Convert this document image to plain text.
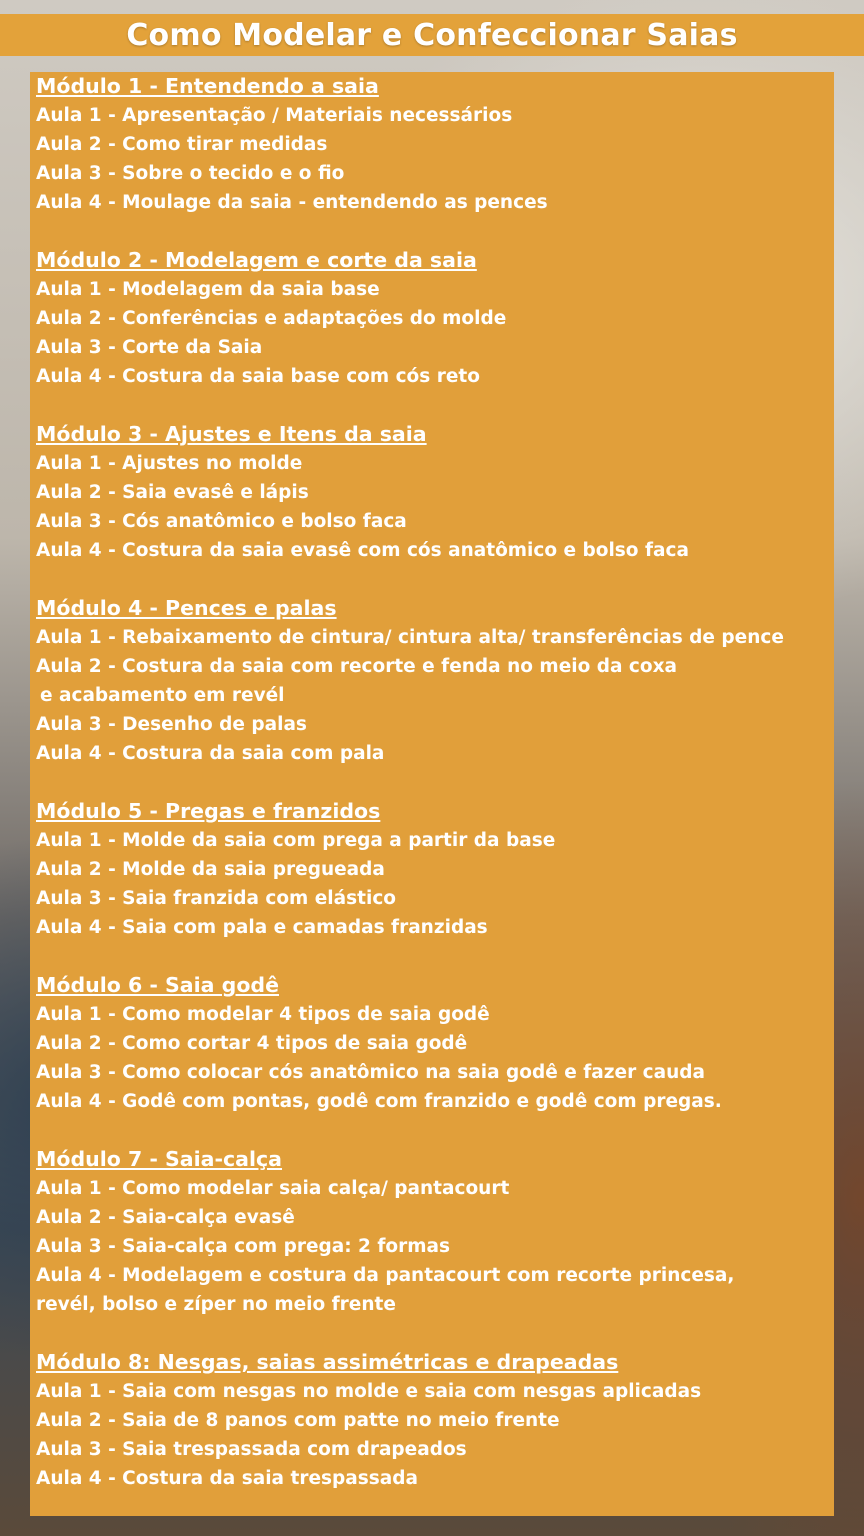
Como Modelar e Confeccionar Saias
Módulo 1 - Entendendo a saia
Aula 1 - Apresentação / Materiais necessários
Aula 2 - Como tirar medidas
Aula 3 - Sobre o tecido e o fio
Aula 4 - Moulage da saia - entendendo as pences
Módulo 2 - Modelagem e corte da saia
Aula 1 - Modelagem da saia base
Aula 2 - Conferências e adaptações do molde
Aula 3 - Corte da Saia
Aula 4 - Costura da saia base com cós reto
Módulo 3 - Ajustes e Itens da saia
Aula 1 - Ajustes no molde
Aula 2 - Saia evasê e lápis
Aula 3 - Cós anatômico e bolso faca
Aula 4 - Costura da saia evasê com cós anatômico e bolso faca
Módulo 4 - Pences e palas
Aula 1 - Rebaixamento de cintura/ cintura alta/ transferências de pence
Aula 2 - Costura da saia com recorte e fenda no meio da coxa
e acabamento em revél
Aula 3 - Desenho de palas
Aula 4 - Costura da saia com pala
Módulo 5 - Pregas e franzidos
Aula 1 - Molde da saia com prega a partir da base
Aula 2 - Molde da saia pregueada
Aula 3 - Saia franzida com elástico
Aula 4 - Saia com pala e camadas franzidas
Módulo 6 - Saia godê
Aula 1 - Como modelar 4 tipos de saia godê
Aula 2 - Como cortar 4 tipos de saia godê
Aula 3 - Como colocar cós anatômico na saia godê e fazer cauda
Aula 4 - Godê com pontas, godê com franzido e godê com pregas.
Módulo 7 - Saia-calça
Aula 1 - Como modelar saia calça/ pantacourt
Aula 2 - Saia-calça evasê
Aula 3 - Saia-calça com prega: 2 formas
Aula 4 - Modelagem e costura da pantacourt com recorte princesa,
revél, bolso e zíper no meio frente
Módulo 8: Nesgas, saias assimétricas e drapeadas
Aula 1 - Saia com nesgas no molde e saia com nesgas aplicadas
Aula 2 - Saia de 8 panos com patte no meio frente
Aula 3 - Saia trespassada com drapeados
Aula 4 - Costura da saia trespassada
